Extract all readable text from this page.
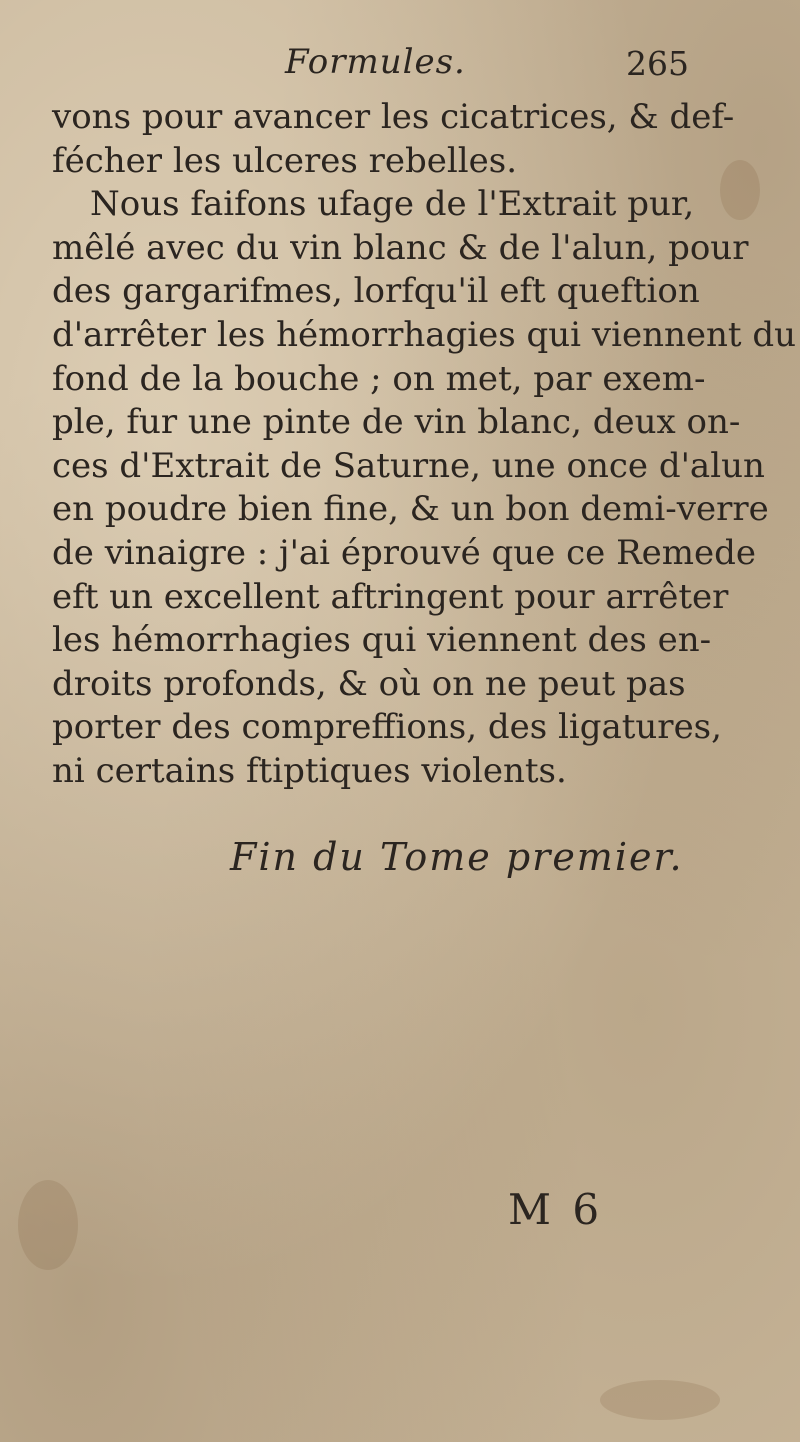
Formules.	265
vons pour avancer les cicatrices, & def-
fécher les ulceres rebelles.
Nous faifons ufage de l'Extrait pur,
mêlé avec du vin blanc & de l'alun, pour
des gargarifmes, lorfqu'il eft queftion
d'arrêter les hémorrhagies qui viennent du
fond de la bouche ; on met, par exem-
ple, fur une pinte de vin blanc, deux on-
ces d'Extrait de Saturne, une once d'alun
en poudre bien fine, & un bon demi-verre
de vinaigre : j'ai éprouvé que ce Remede
eft un excellent aftringent pour arrêter
les hémorrhagies qui viennent des en-
droits profonds, & où on ne peut pas
porter des compreffions, des ligatures,
ni certains ftiptiques violents.
Fin du Tome premier.
M 6
